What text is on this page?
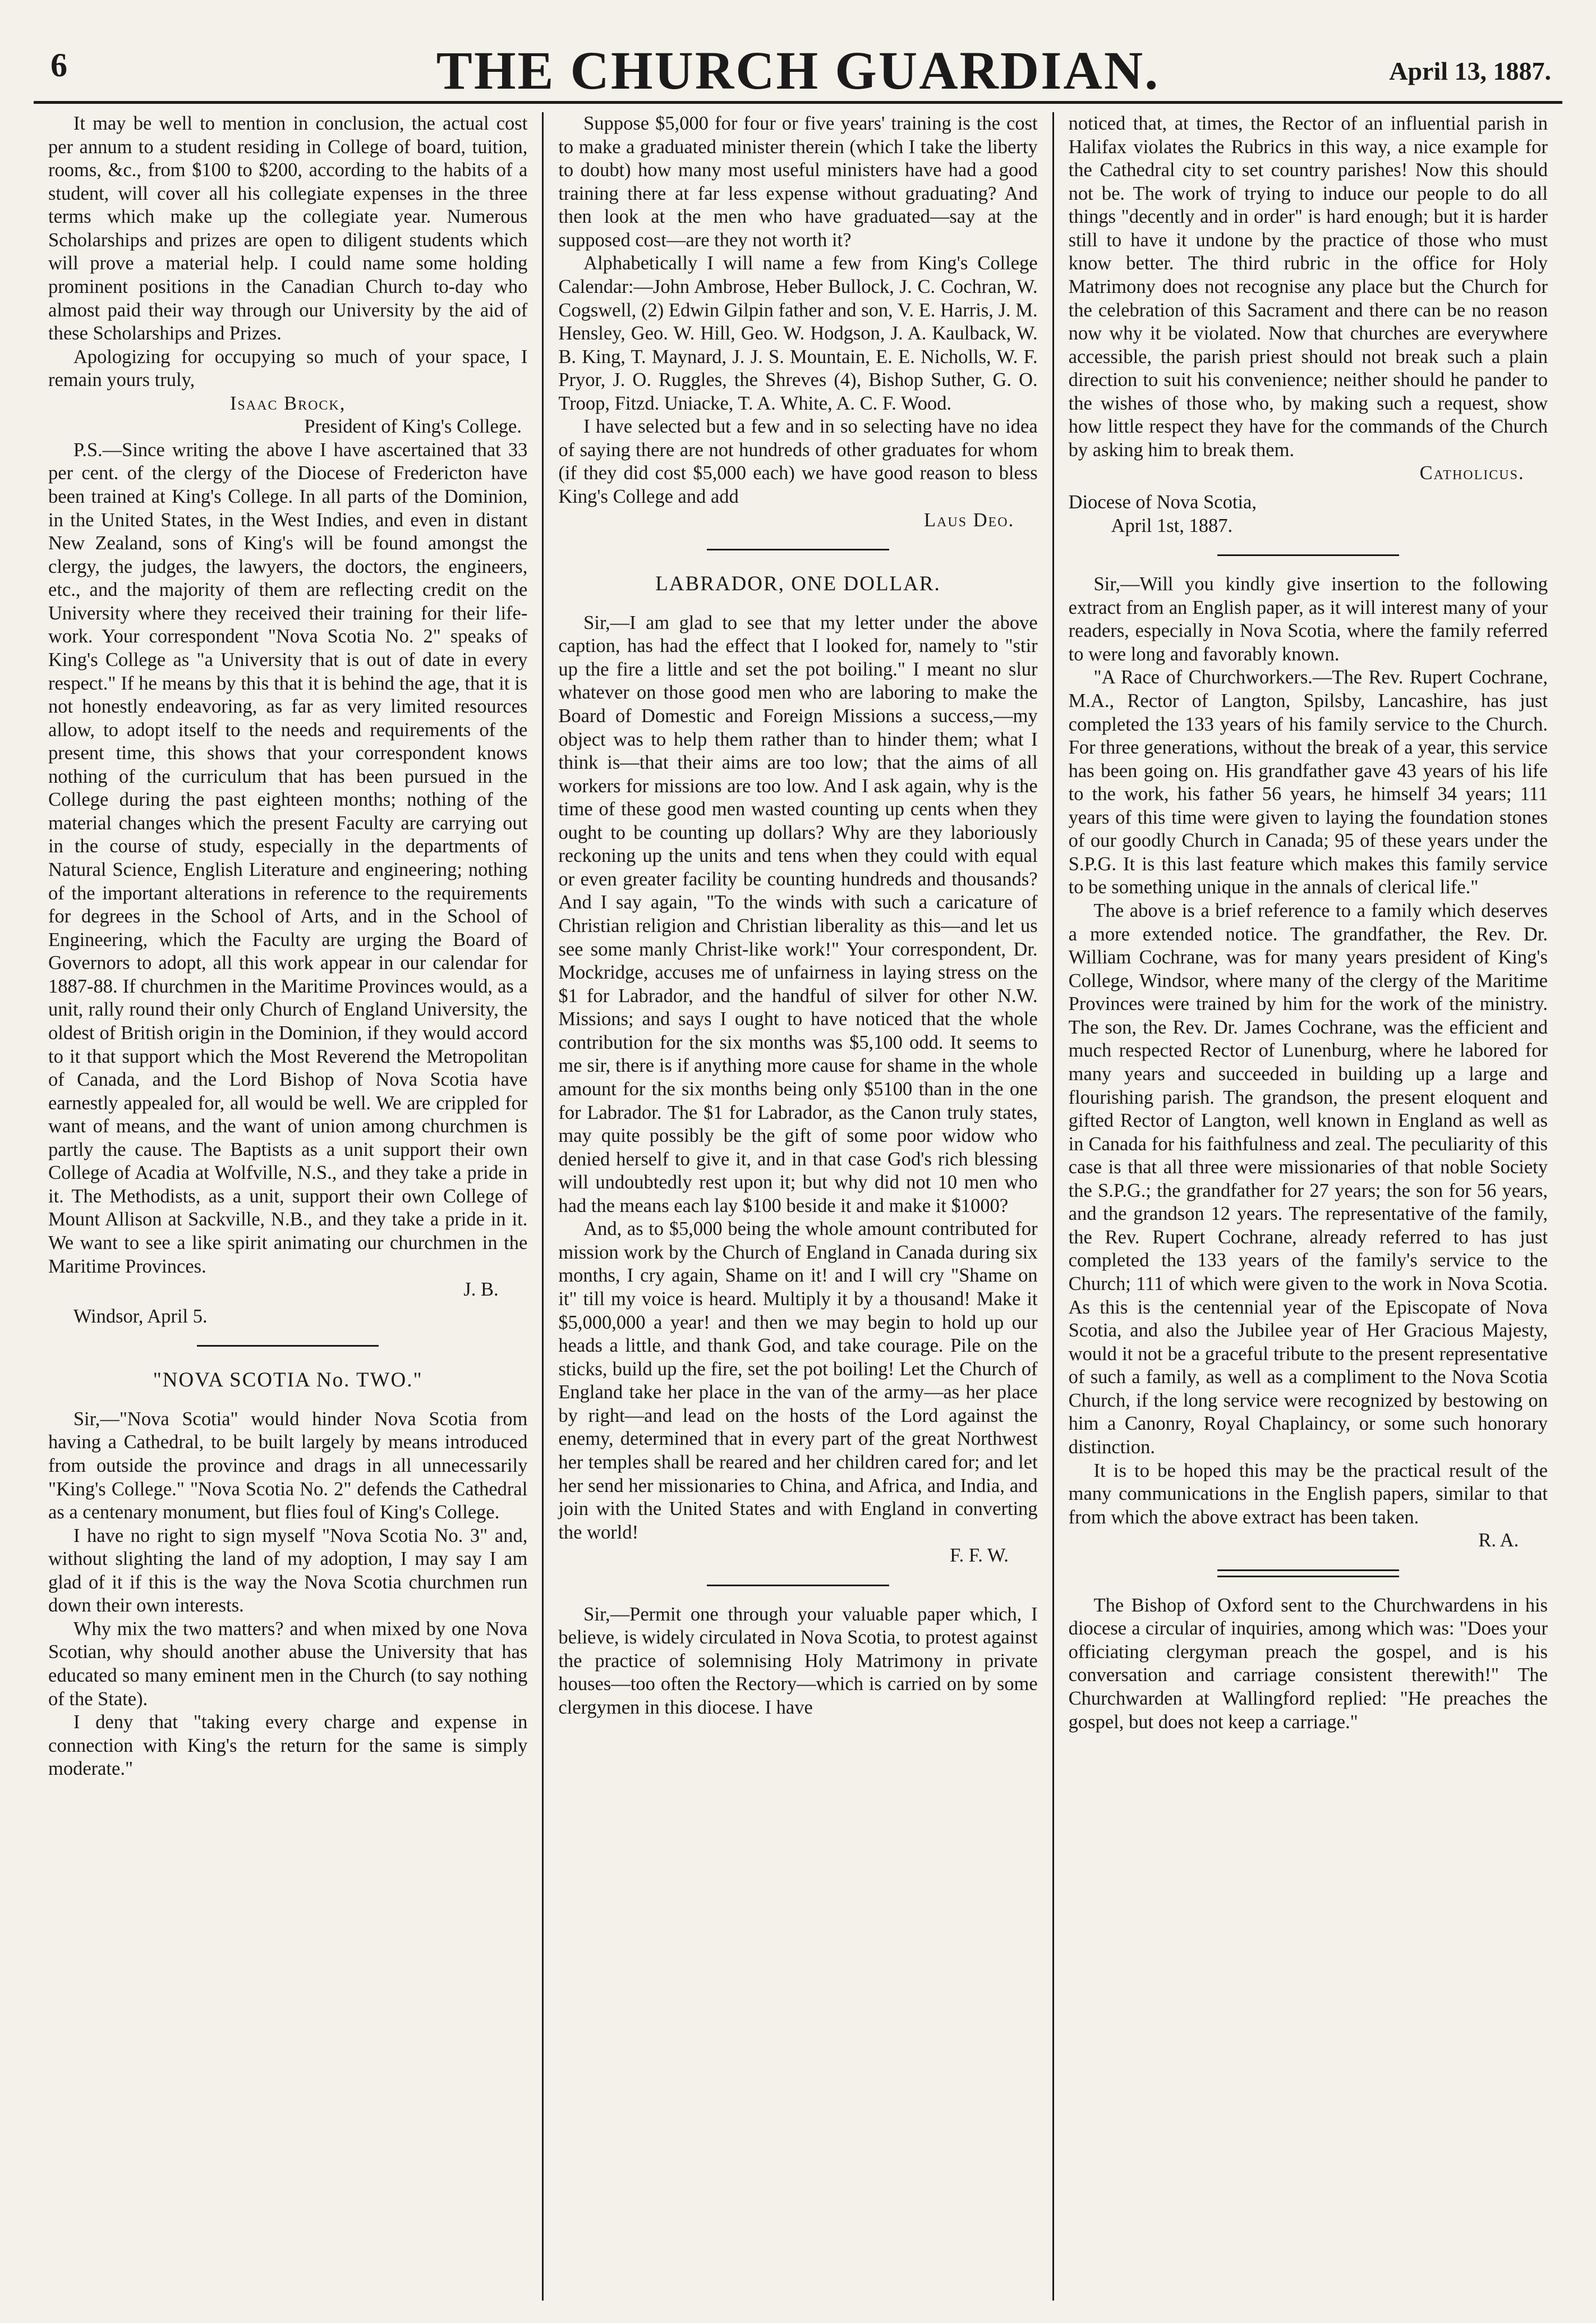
6	THE CHURCH GUARDIAN.	April 13, 1887.

It may be well to mention in conclusion, the actual cost per annum to a student residing in College of board, tuition, rooms, &c., from $100 to $200, according to the habits of a student, will cover all his collegiate expenses in the three terms which make up the collegiate year. Numerous Scholarships and prizes are open to diligent students which will prove a material help. I could name some holding prominent positions in the Canadian Church to-day who almost paid their way through our University by the aid of these Scholarships and Prizes.

Apologizing for occupying so much of your space, I remain yours truly,

Isaac Brock,

President of King's College.

P.S.—Since writing the above I have ascertained that 33 per cent. of the clergy of the Diocese of Fredericton have been trained at King's College. In all parts of the Dominion, in the United States, in the West Indies, and even in distant New Zealand, sons of King's will be found amongst the clergy, the judges, the lawyers, the doctors, the engineers, etc., and the majority of them are reflecting credit on the University where they received their training for their life-work. Your correspondent "Nova Scotia No. 2" speaks of King's College as "a University that is out of date in every respect." If he means by this that it is behind the age, that it is not honestly endeavoring, as far as very limited resources allow, to adopt itself to the needs and requirements of the present time, this shows that your correspondent knows nothing of the curriculum that has been pursued in the College during the past eighteen months; nothing of the material changes which the present Faculty are carrying out in the course of study, especially in the departments of Natural Science, English Literature and engineering; nothing of the important alterations in reference to the requirements for degrees in the School of Arts, and in the School of Engineering, which the Faculty are urging the Board of Governors to adopt, all this work appear in our calendar for 1887-88. If churchmen in the Maritime Provinces would, as a unit, rally round their only Church of England University, the oldest of British origin in the Dominion, if they would accord to it that support which the Most Reverend the Metropolitan of Canada, and the Lord Bishop of Nova Scotia have earnestly appealed for, all would be well. We are crippled for want of means, and the want of union among churchmen is partly the cause. The Baptists as a unit support their own College of Acadia at Wolfville, N.S., and they take a pride in it. The Methodists, as a unit, support their own College of Mount Allison at Sackville, N.B., and they take a pride in it. We want to see a like spirit animating our churchmen in the Maritime Provinces.

J. B.

Windsor, April 5.

"NOVA SCOTIA No. TWO."

Sir,—"Nova Scotia" would hinder Nova Scotia from having a Cathedral, to be built largely by means introduced from outside the province and drags in all unnecessarily "King's College." "Nova Scotia No. 2" defends the Cathedral as a centenary monument, but flies foul of King's College.

I have no right to sign myself "Nova Scotia No. 3" and, without slighting the land of my adoption, I may say I am glad of it if this is the way the Nova Scotia churchmen run down their own interests.

Why mix the two matters? and when mixed by one Nova Scotian, why should another abuse the University that has educated so many eminent men in the Church (to say nothing of the State).

I deny that "taking every charge and expense in connection with King's the return for the same is simply moderate."

Suppose $5,000 for four or five years' training is the cost to make a graduated minister therein (which I take the liberty to doubt) how many most useful ministers have had a good training there at far less expense without graduating? And then look at the men who have graduated—say at the supposed cost—are they not worth it?

Alphabetically I will name a few from King's College Calendar:—John Ambrose, Heber Bullock, J. C. Cochran, W. Cogswell, (2) Edwin Gilpin father and son, V. E. Harris, J. M. Hensley, Geo. W. Hill, Geo. W. Hodgson, J. A. Kaulback, W. B. King, T. Maynard, J. J. S. Mountain, E. E. Nicholls, W. F. Pryor, J. O. Ruggles, the Shreves (4), Bishop Suther, G. O. Troop, Fitzd. Uniacke, T. A. White, A. C. F. Wood.

I have selected but a few and in so selecting have no idea of saying there are not hundreds of other graduates for whom (if they did cost $5,000 each) we have good reason to bless King's College and add

Laus Deo.

LABRADOR, ONE DOLLAR.

Sir,—I am glad to see that my letter under the above caption, has had the effect that I looked for, namely to "stir up the fire a little and set the pot boiling." I meant no slur whatever on those good men who are laboring to make the Board of Domestic and Foreign Missions a success,—my object was to help them rather than to hinder them; what I think is—that their aims are too low; that the aims of all workers for missions are too low. And I ask again, why is the time of these good men wasted counting up cents when they ought to be counting up dollars? Why are they laboriously reckoning up the units and tens when they could with equal or even greater facility be counting hundreds and thousands? And I say again, "To the winds with such a caricature of Christian religion and Christian liberality as this—and let us see some manly Christ-like work!" Your correspondent, Dr. Mockridge, accuses me of unfairness in laying stress on the $1 for Labrador, and the handful of silver for other N.W. Missions; and says I ought to have noticed that the whole contribution for the six months was $5,100 odd. It seems to me sir, there is if anything more cause for shame in the whole amount for the six months being only $5100 than in the one for Labrador. The $1 for Labrador, as the Canon truly states, may quite possibly be the gift of some poor widow who denied herself to give it, and in that case God's rich blessing will undoubtedly rest upon it; but why did not 10 men who had the means each lay $100 beside it and make it $1000?

And, as to $5,000 being the whole amount contributed for mission work by the Church of England in Canada during six months, I cry again, Shame on it! and I will cry "Shame on it" till my voice is heard. Multiply it by a thousand! Make it $5,000,000 a year! and then we may begin to hold up our heads a little, and thank God, and take courage. Pile on the sticks, build up the fire, set the pot boiling! Let the Church of England take her place in the van of the army—as her place by right—and lead on the hosts of the Lord against the enemy, determined that in every part of the great Northwest her temples shall be reared and her children cared for; and let her send her missionaries to China, and Africa, and India, and join with the United States and with England in converting the world!

F. F. W.

Sir,—Permit one through your valuable paper which, I believe, is widely circulated in Nova Scotia, to protest against the practice of solemnising Holy Matrimony in private houses—too often the Rectory—which is carried on by some clergymen in this diocese. I have

noticed that, at times, the Rector of an influential parish in Halifax violates the Rubrics in this way, a nice example for the Cathedral city to set country parishes! Now this should not be. The work of trying to induce our people to do all things "decently and in order" is hard enough; but it is harder still to have it undone by the practice of those who must know better. The third rubric in the office for Holy Matrimony does not recognise any place but the Church for the celebration of this Sacrament and there can be no reason now why it be violated. Now that churches are everywhere accessible, the parish priest should not break such a plain direction to suit his convenience; neither should he pander to the wishes of those who, by making such a request, show how little respect they have for the commands of the Church by asking him to break them.

Catholicus.

Diocese of Nova Scotia,
April 1st, 1887.

Sir,—Will you kindly give insertion to the following extract from an English paper, as it will interest many of your readers, especially in Nova Scotia, where the family referred to were long and favorably known.

"A Race of Churchworkers.—The Rev. Rupert Cochrane, M.A., Rector of Langton, Spilsby, Lancashire, has just completed the 133 years of his family service to the Church. For three generations, without the break of a year, this service has been going on. His grandfather gave 43 years of his life to the work, his father 56 years, he himself 34 years; 111 years of this time were given to laying the foundation stones of our goodly Church in Canada; 95 of these years under the S.P.G. It is this last feature which makes this family service to be something unique in the annals of clerical life."

The above is a brief reference to a family which deserves a more extended notice. The grandfather, the Rev. Dr. William Cochrane, was for many years president of King's College, Windsor, where many of the clergy of the Maritime Provinces were trained by him for the work of the ministry. The son, the Rev. Dr. James Cochrane, was the efficient and much respected Rector of Lunenburg, where he labored for many years and succeeded in building up a large and flourishing parish. The grandson, the present eloquent and gifted Rector of Langton, well known in England as well as in Canada for his faithfulness and zeal. The peculiarity of this case is that all three were missionaries of that noble Society the S.P.G.; the grandfather for 27 years; the son for 56 years, and the grandson 12 years. The representative of the family, the Rev. Rupert Cochrane, already referred to has just completed the 133 years of the family's service to the Church; 111 of which were given to the work in Nova Scotia. As this is the centennial year of the Episcopate of Nova Scotia, and also the Jubilee year of Her Gracious Majesty, would it not be a graceful tribute to the present representative of such a family, as well as a compliment to the Nova Scotia Church, if the long service were recognized by bestowing on him a Canonry, Royal Chaplaincy, or some such honorary distinction.

It is to be hoped this may be the practical result of the many communications in the English papers, similar to that from which the above extract has been taken.

R. A.

The Bishop of Oxford sent to the Churchwardens in his diocese a circular of inquiries, among which was: "Does your officiating clergyman preach the gospel, and is his conversation and carriage consistent therewith!" The Churchwarden at Wallingford replied: "He preaches the gospel, but does not keep a carriage."
